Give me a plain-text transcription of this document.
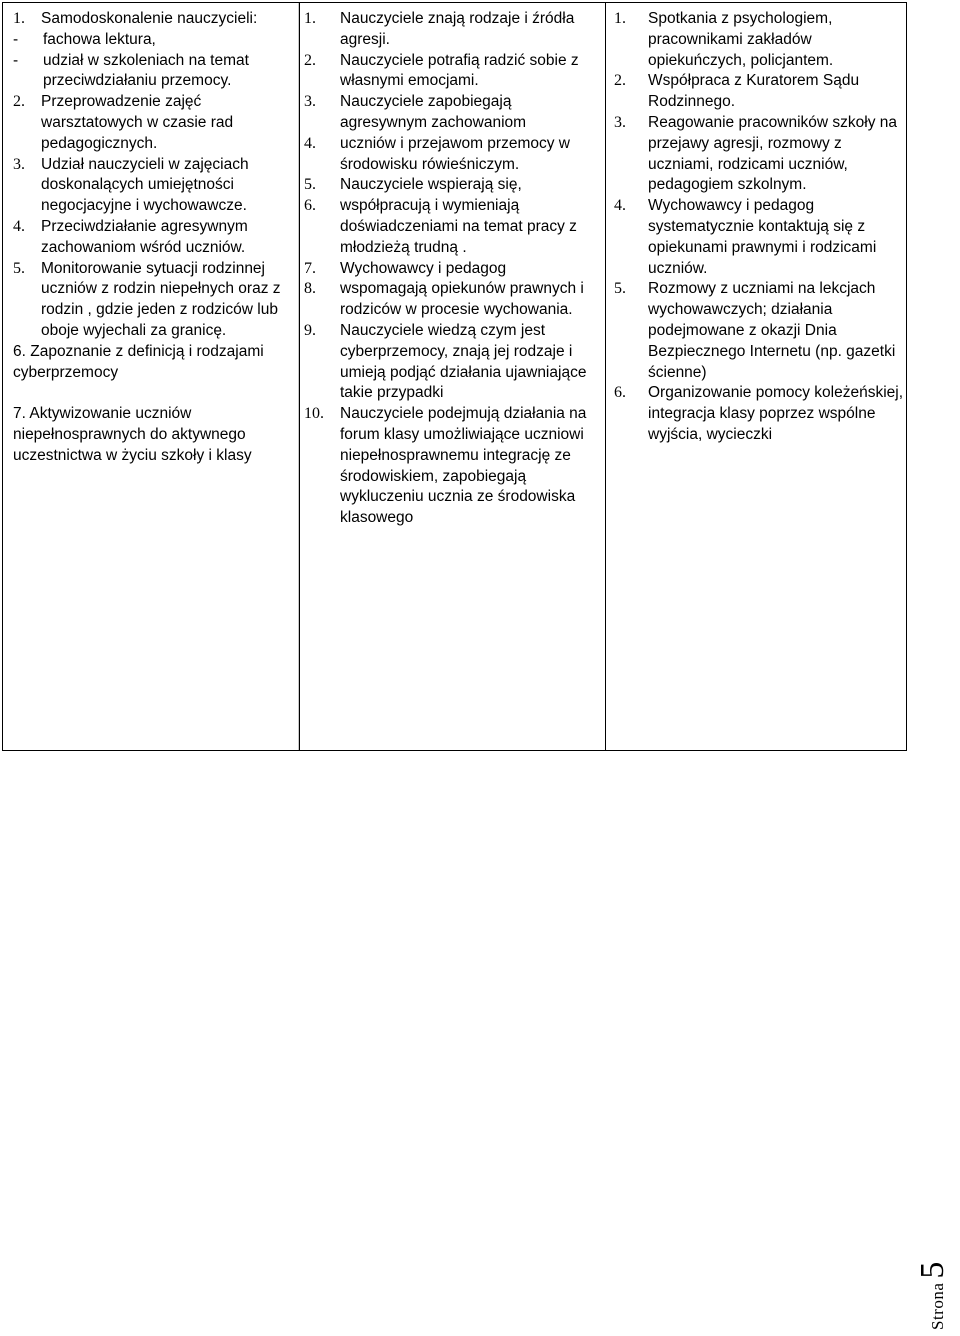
1.	Samodoskonalenie nauczycieli:
-	fachowa lektura,
-	udział w szkoleniach na temat przeciwdziałaniu przemocy.
2.	Przeprowadzenie zajęć warsztatowych w czasie rad pedagogicznych.
3.	Udział nauczycieli w zajęciach doskonalących umiejętności negocjacyjne i wychowawcze.
4.	Przeciwdziałanie agresywnym zachowaniom wśród uczniów.
5.	Monitorowanie sytuacji rodzinnej uczniów z rodzin niepełnych oraz z rodzin , gdzie jeden z rodziców lub oboje wyjechali za granicę.
6. Zapoznanie z definicją i rodzajami cyberprzemocy
7. Aktywizowanie uczniów niepełnosprawnych do aktywnego uczestnictwa w życiu szkoły i klasy
1.	Nauczyciele znają rodzaje i źródła agresji.
2.	Nauczyciele potrafią radzić sobie z własnymi emocjami.
3.	Nauczyciele zapobiegają agresywnym zachowaniom
4.	uczniów i przejawom przemocy w środowisku rówieśniczym.
5.	Nauczyciele wspierają się,
6.	współpracują i wymieniają doświadczeniami na temat pracy z młodzieżą trudną .
7.	Wychowawcy i pedagog
8.	wspomagają opiekunów prawnych i rodziców w procesie wychowania.
9.	Nauczyciele wiedzą czym jest cyberprzemocy, znają jej rodzaje i umieją podjąć działania ujawniające takie przypadki
10.	Nauczyciele podejmują działania na forum klasy umożliwiające uczniowi niepełnosprawnemu integrację ze środowiskiem, zapobiegają wykluczeniu ucznia ze środowiska klasowego
1.	Spotkania z psychologiem, pracownikami zakładów opiekuńczych, policjantem.
2.	Współpraca z Kuratorem Sądu Rodzinnego.
3.	Reagowanie pracowników szkoły na przejawy agresji, rozmowy z uczniami, rodzicami uczniów, pedagogiem szkolnym.
4.	Wychowawcy i pedagog systematycznie kontaktują się z opiekunami prawnymi i rodzicami uczniów.
5.	Rozmowy z uczniami na lekcjach wychowawczych; działania podejmowane z okazji Dnia Bezpiecznego Internetu (np. gazetki ścienne)
6.	Organizowanie pomocy koleżeńskiej, integracja klasy poprzez wspólne wyjścia, wycieczki
Strona5
